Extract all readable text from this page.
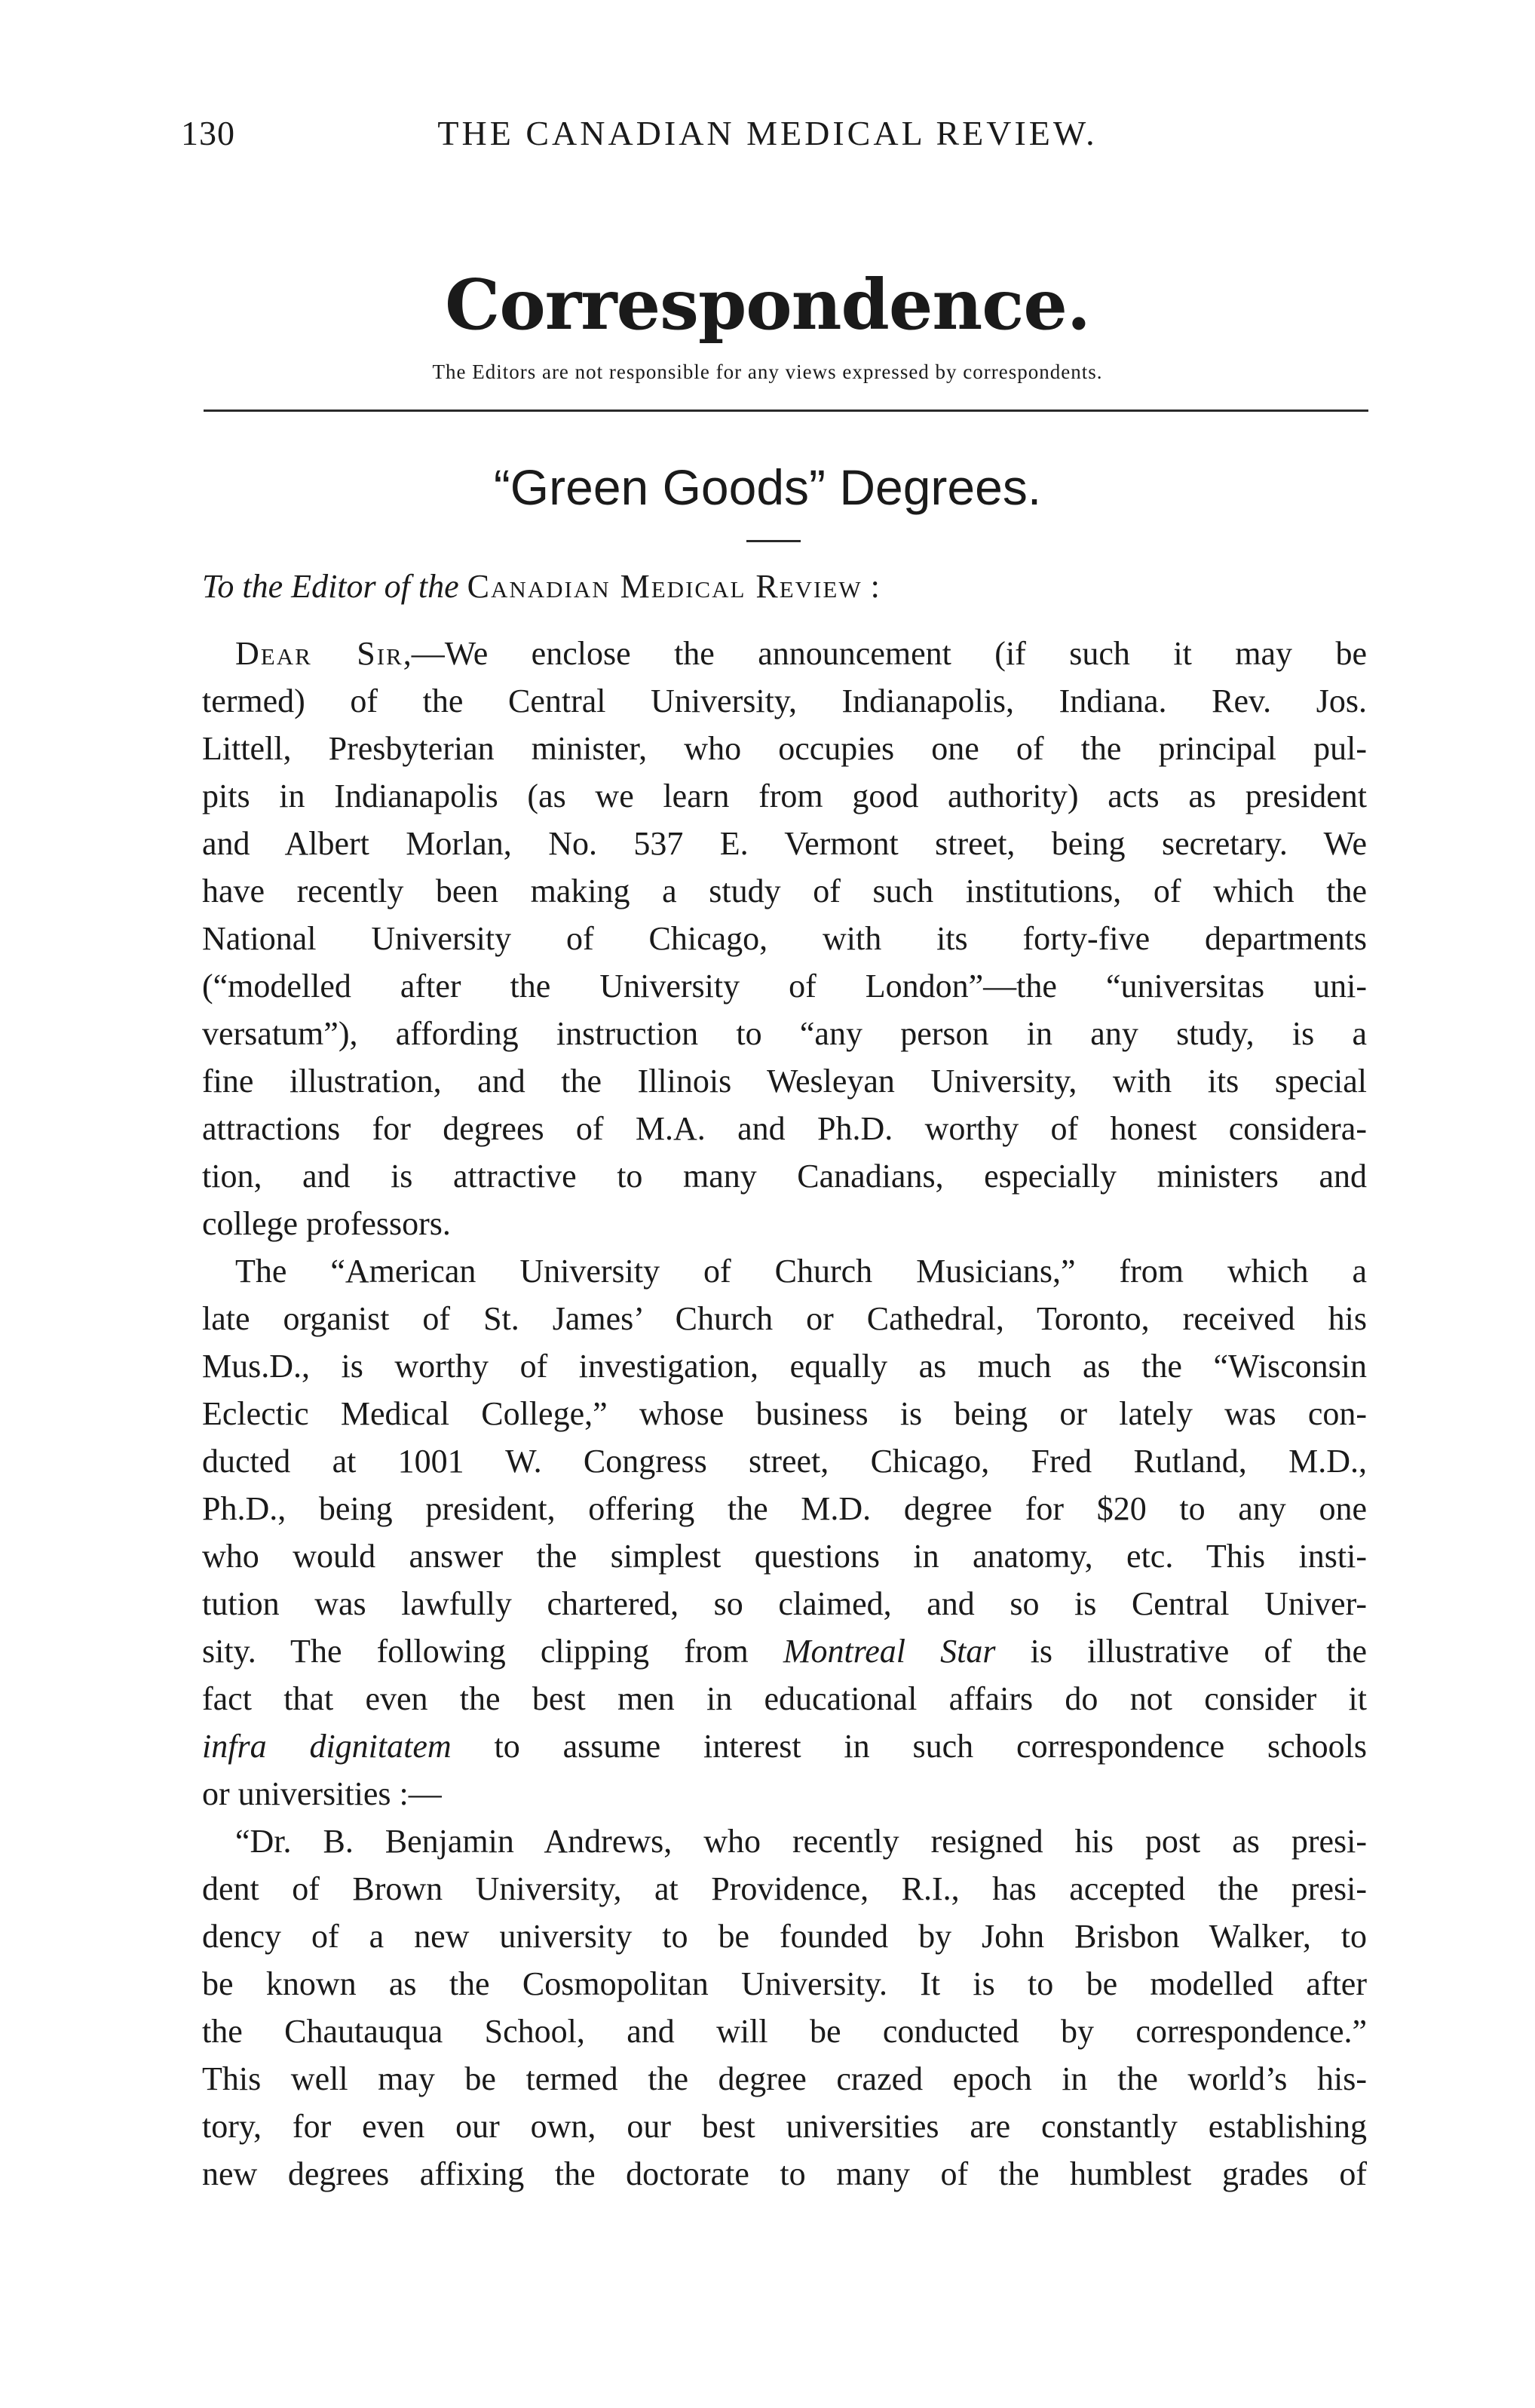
130	THE CANADIAN MEDICAL REVIEW.
Correspondence.
The Editors are not responsible for any views expressed by correspondents.
“Green Goods” Degrees.
To the Editor of the Canadian Medical Review :
Dear Sir,—We enclose the announcement (if such it may be
termed) of the Central University, Indianapolis, Indiana. Rev. Jos.
Littell, Presbyterian minister, who occupies one of the principal pul-
pits in Indianapolis (as we learn from good authority) acts as president
and Albert Morlan, No. 537 E. Vermont street, being secretary. We
have recently been making a study of such institutions, of which the
National University of Chicago, with its forty-five departments
(“modelled after the University of London”—the “universitas uni-
versatum”), affording instruction to “any person in any study, is a
fine illustration, and the Illinois Wesleyan University, with its special
attractions for degrees of M.A. and Ph.D. worthy of honest considera-
tion, and is attractive to many Canadians, especially ministers and
college professors.
The “American University of Church Musicians,” from which a
late organist of St. James’ Church or Cathedral, Toronto, received his
Mus.D., is worthy of investigation, equally as much as the “Wisconsin
Eclectic Medical College,” whose business is being or lately was con-
ducted at 1001 W. Congress street, Chicago, Fred Rutland, M.D.,
Ph.D., being president, offering the M.D. degree for $20 to any one
who would answer the simplest questions in anatomy, etc. This insti-
tution was lawfully chartered, so claimed, and so is Central Univer-
sity. The following clipping from Montreal Star is illustrative of the
fact that even the best men in educational affairs do not consider it
infra dignitatem to assume interest in such correspondence schools
or universities :—
“Dr. B. Benjamin Andrews, who recently resigned his post as presi-
dent of Brown University, at Providence, R.I., has accepted the presi-
dency of a new university to be founded by John Brisbon Walker, to
be known as the Cosmopolitan University. It is to be modelled after
the Chautauqua School, and will be conducted by correspondence.”
This well may be termed the degree crazed epoch in the world’s his-
tory, for even our own, our best universities are constantly establishing
new degrees affixing the doctorate to many of the humblest grades of
